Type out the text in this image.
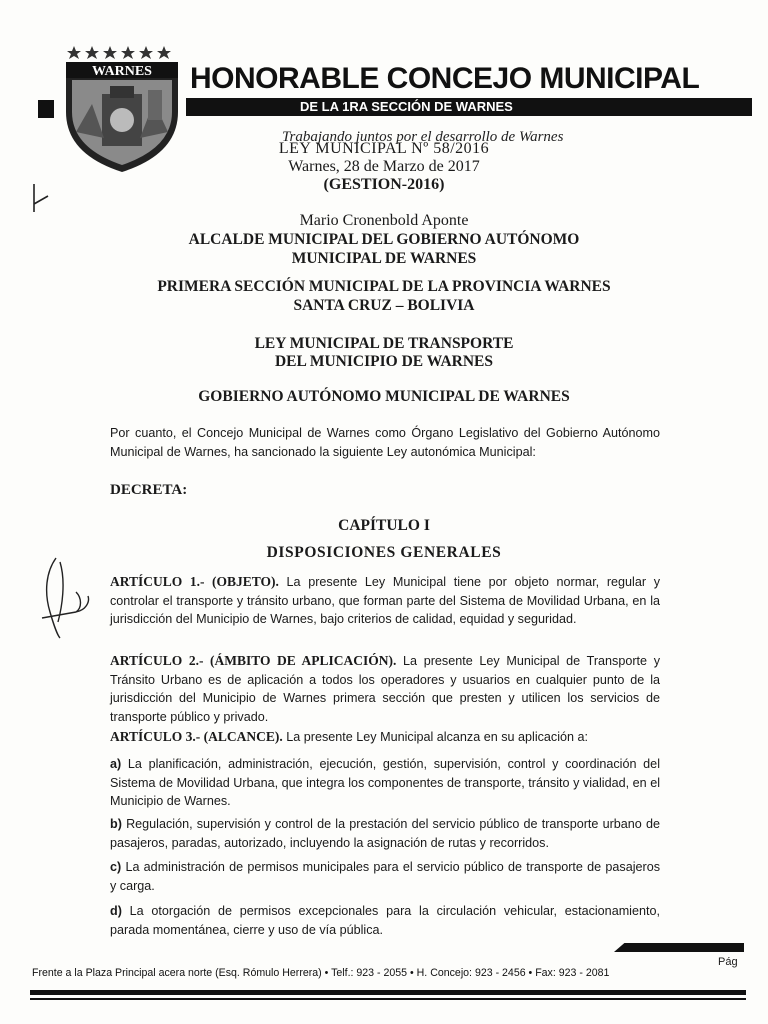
WARNES HONORABLE CONCEJO MUNICIPAL
DE LA 1RA SECCIÓN DE WARNES
Trabajando juntos por el desarrollo de Warnes
LEY MUNICIPAL Nº 58/2016
Warnes, 28 de Marzo de 2017
(GESTION-2016)
Mario Cronenbold Aponte
ALCALDE MUNICIPAL DEL GOBIERNO AUTÓNOMO
MUNICIPAL DE WARNES
PRIMERA SECCIÓN MUNICIPAL DE LA PROVINCIA WARNES
SANTA CRUZ – BOLIVIA
LEY MUNICIPAL DE TRANSPORTE
DEL MUNICIPIO DE WARNES
GOBIERNO AUTÓNOMO MUNICIPAL DE WARNES
Por cuanto, el Concejo Municipal de Warnes como Órgano Legislativo del Gobierno Autónomo Municipal de Warnes, ha sancionado la siguiente Ley autonómica Municipal:
DECRETA:
CAPÍTULO I
DISPOSICIONES GENERALES
ARTÍCULO 1.- (OBJETO). La presente Ley Municipal tiene por objeto normar, regular y controlar el transporte y tránsito urbano, que forman parte del Sistema de Movilidad Urbana, en la jurisdicción del Municipio de Warnes, bajo criterios de calidad, equidad y seguridad.
ARTÍCULO 2.- (ÁMBITO DE APLICACIÓN). La presente Ley Municipal de Transporte y Tránsito Urbano es de aplicación a todos los operadores y usuarios en cualquier punto de la jurisdicción del Municipio de Warnes primera sección que presten y utilicen los servicios de transporte público y privado.
ARTÍCULO 3.- (ALCANCE). La presente Ley Municipal alcanza en su aplicación a:
a) La planificación, administración, ejecución, gestión, supervisión, control y coordinación del Sistema de Movilidad Urbana, que integra los componentes de transporte, tránsito y vialidad, en el Municipio de Warnes.
b) Regulación, supervisión y control de la prestación del servicio público de transporte urbano de pasajeros, paradas, autorizado, incluyendo la asignación de rutas y recorridos.
c) La administración de permisos municipales para el servicio público de transporte de pasajeros y carga.
d) La otorgación de permisos excepcionales para la circulación vehicular, estacionamiento, parada momentánea, cierre y uso de vía pública.
Pág
Frente a la Plaza Principal acera norte (Esq. Rómulo Herrera) • Telf.: 923 - 2055 • H. Concejo: 923 - 2456 • Fax: 923 - 2081
